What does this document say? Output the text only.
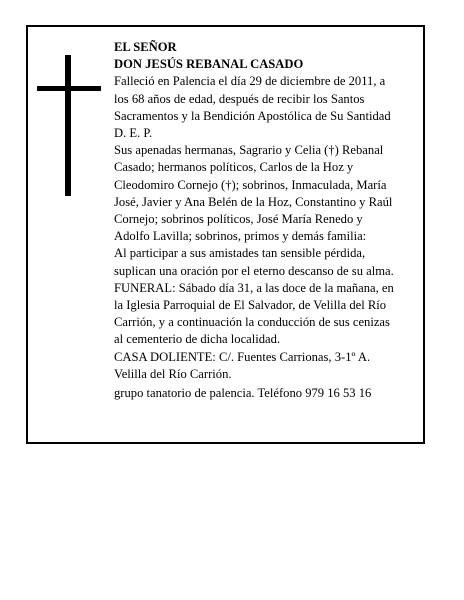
EL SEÑOR
DON JESÚS REBANAL CASADO
Falleció en Palencia el día 29 de diciembre de 2011, a
los 68 años de edad, después de recibir los Santos
Sacramentos y la Bendición Apostólica de Su Santidad
D. E. P.
Sus apenadas hermanas, Sagrario y Celia (†) Rebanal
Casado; hermanos políticos, Carlos de la Hoz y
Cleodomiro Cornejo (†); sobrinos, Inmaculada, María
José, Javier y Ana Belén de la Hoz, Constantino y Raúl
Cornejo; sobrinos políticos, José María Renedo y
Adolfo Lavilla; sobrinos, primos y demás familia:
Al participar a sus amistades tan sensible pérdida,
suplican una oración por el eterno descanso de su alma.
FUNERAL: Sábado día 31, a las doce de la mañana, en
la Iglesia Parroquial de El Salvador, de Velilla del Río
Carrión, y a continuación la conducción de sus cenizas
al cementerio de dicha localidad.
CASA DOLIENTE: C/. Fuentes Carrionas, 3-1º A.
Velilla del Río Carrión.
grupo tanatorio de palencia. Teléfono 979 16 53 16
